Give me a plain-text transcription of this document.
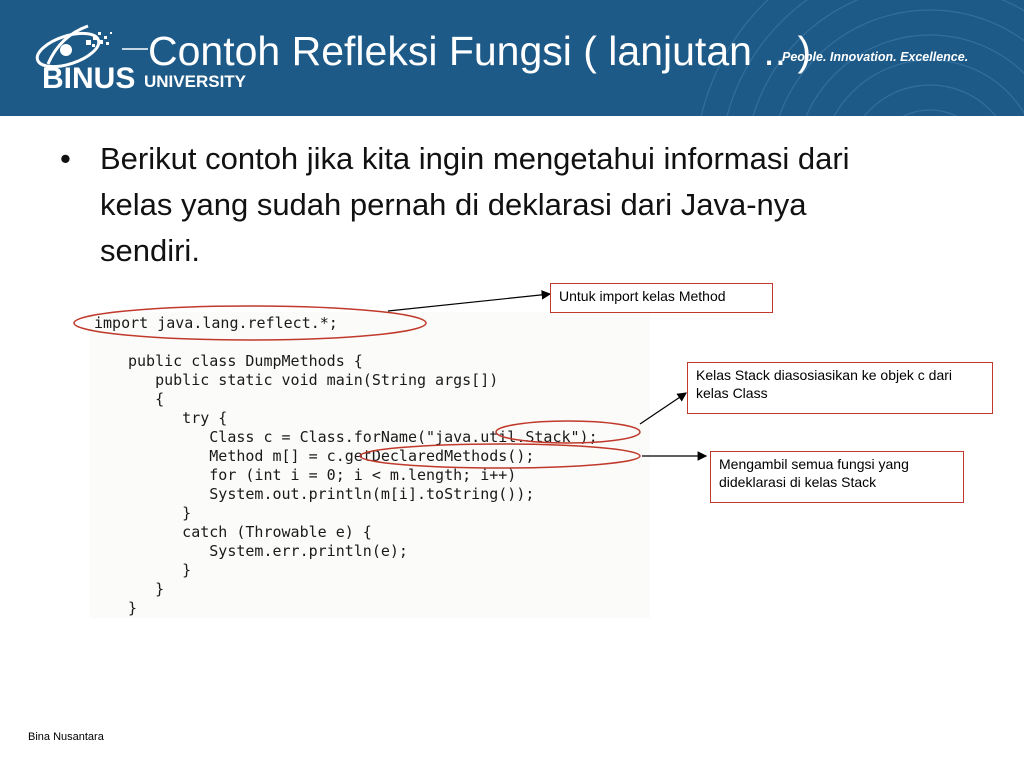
BINUS UNIVERSITY
Contoh Refleksi Fungsi ( lanjutan .. )
People. Innovation. Excellence.
• Berikut contoh jika kita ingin mengetahui informasi dari kelas yang sudah pernah di deklarasi dari Java-nya sendiri.
import java.lang.reflect.*;
public class DumpMethods {
public static void main(String args[])
{
try {
Class c = Class.forName("java.util.Stack");
Method m[] = c.getDeclaredMethods();
for (int i = 0; i < m.length; i++)
System.out.println(m[i].toString());
}
catch (Throwable e) {
System.err.println(e);
}
}
}
Untuk import kelas Method
Kelas Stack diasosiasikan ke objek c dari kelas Class
Mengambil semua fungsi yang dideklarasi di kelas Stack
Bina Nusantara
